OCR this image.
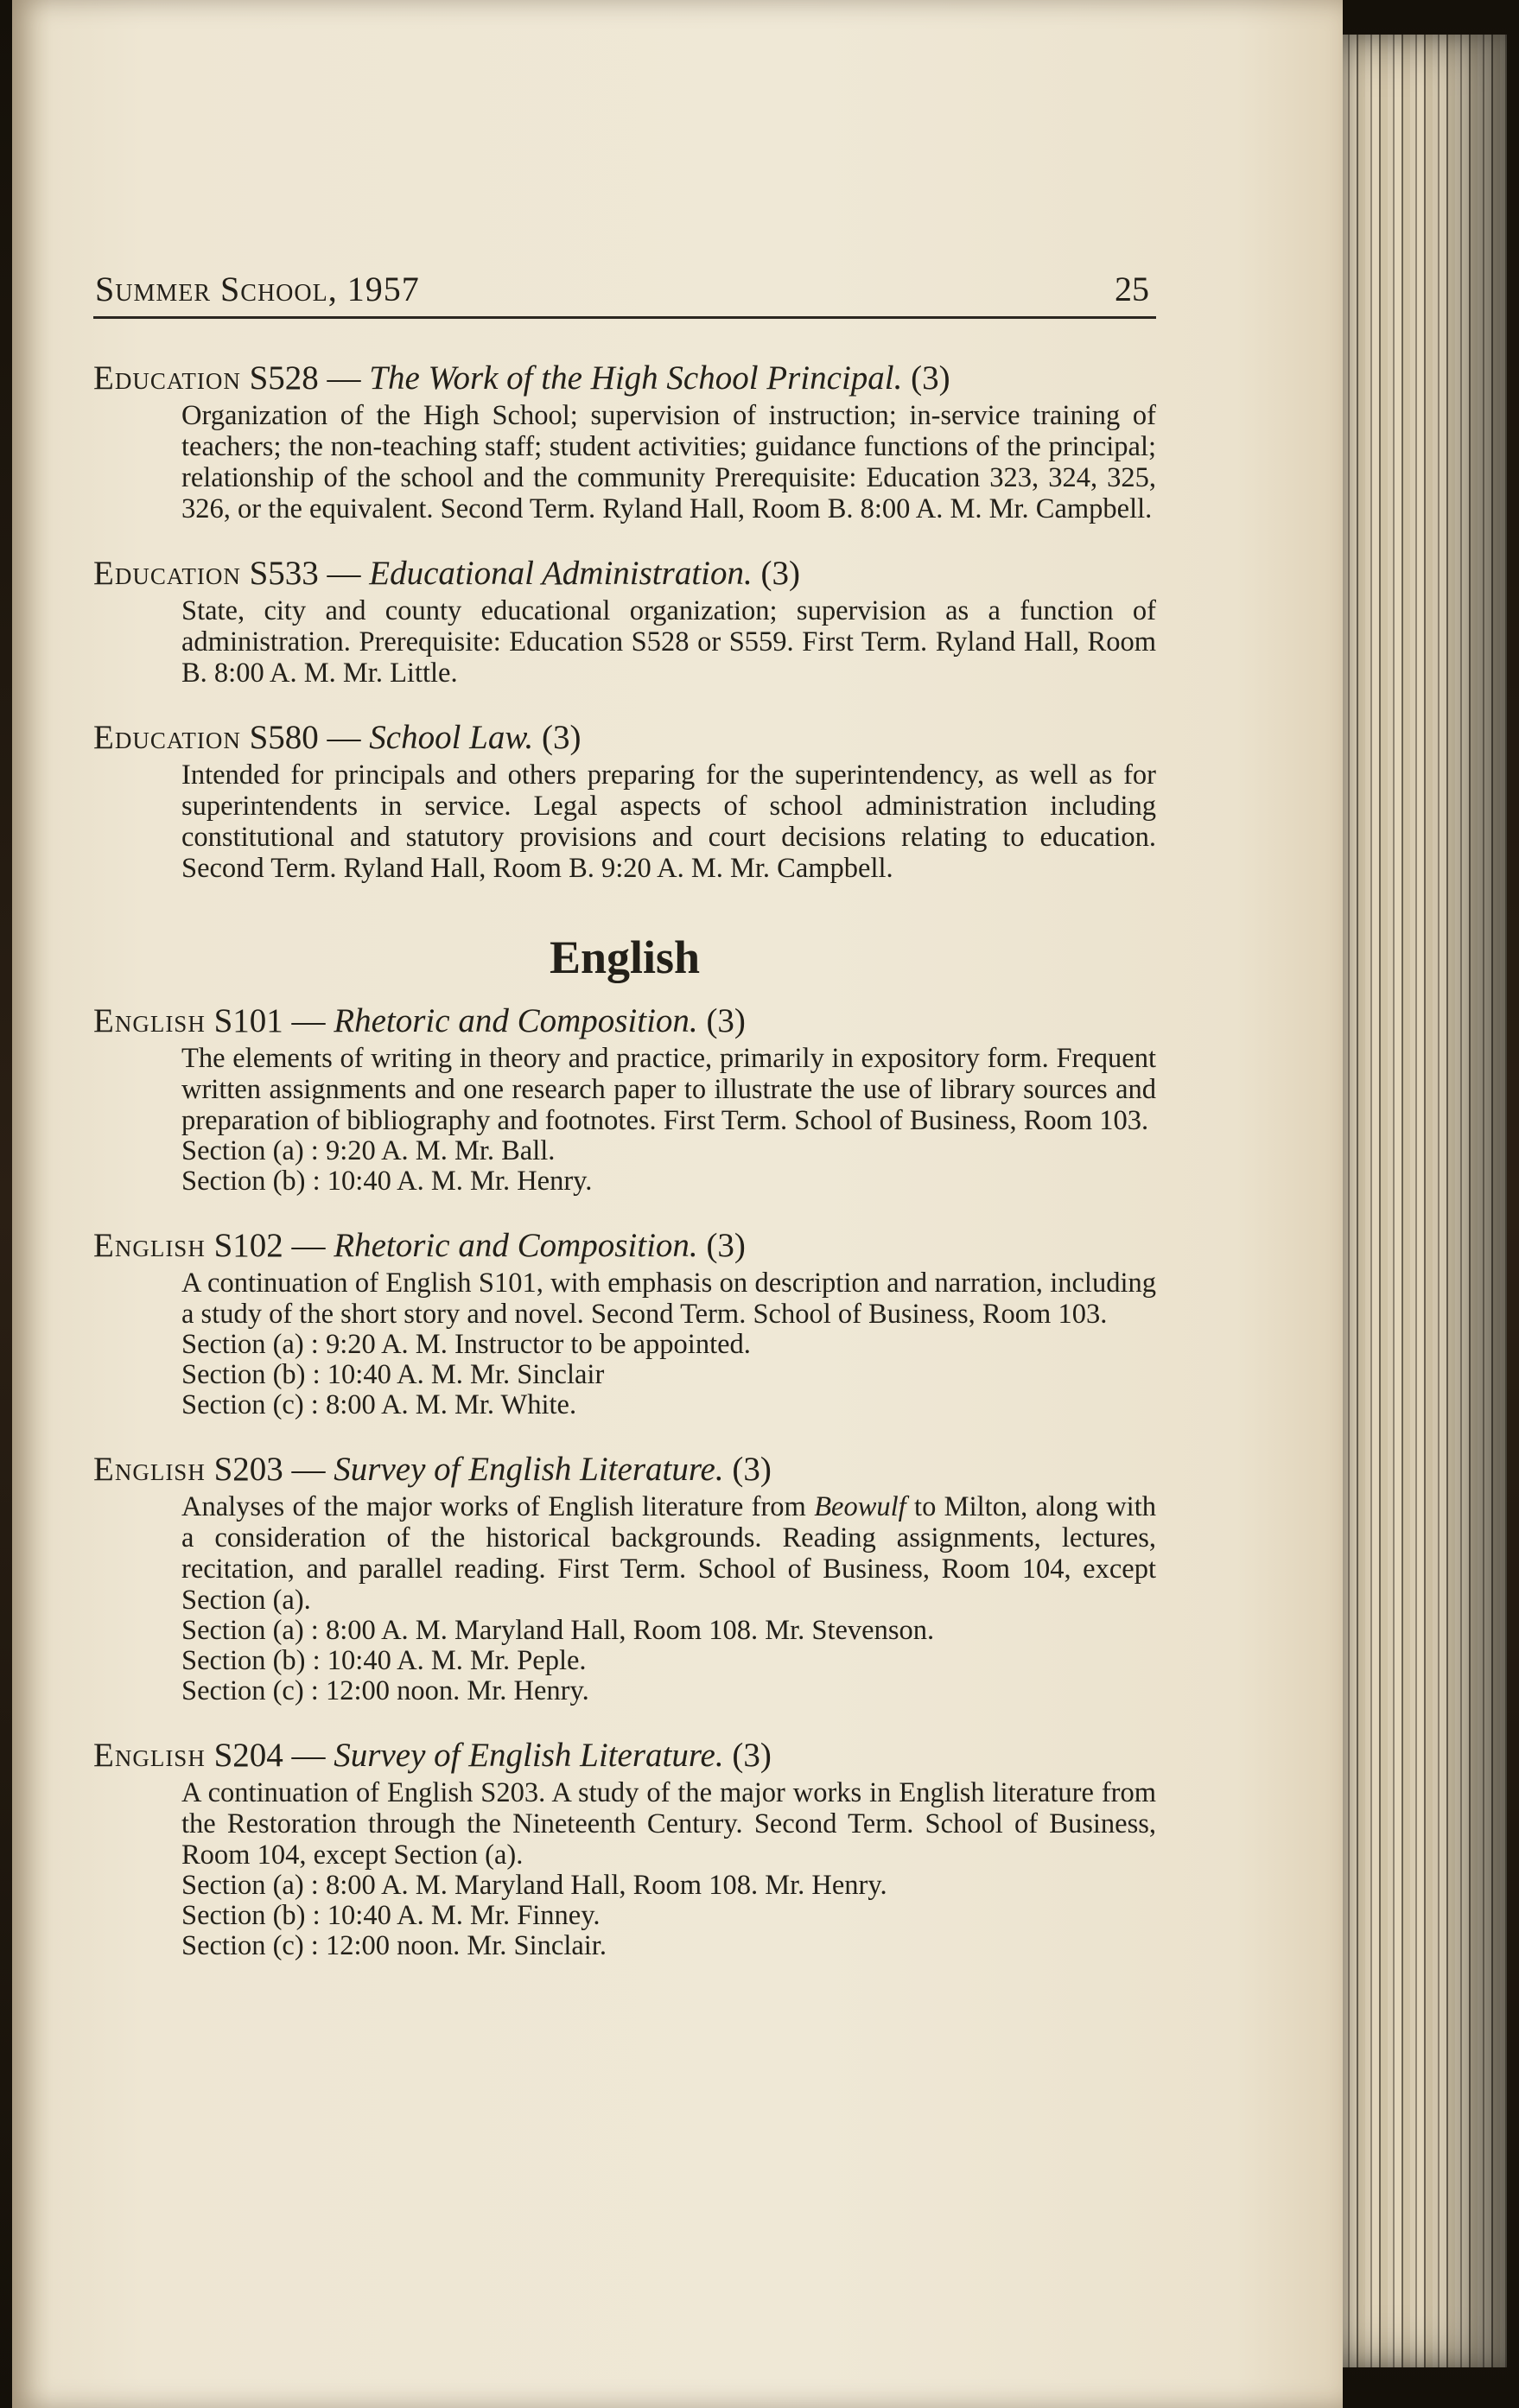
Summer School, 1957	25
Education S528 — The Work of the High School Principal. (3)
Organization of the High School; supervision of instruction; in-service training of teachers; the non-teaching staff; student activities; guidance functions of the principal; relationship of the school and the community Prerequisite: Education 323, 324, 325, 326, or the equivalent. Second Term. Ryland Hall, Room B. 8:00 A. M. Mr. Campbell.
Education S533 — Educational Administration. (3)
State, city and county educational organization; supervision as a function of administration. Prerequisite: Education S528 or S559. First Term. Ryland Hall, Room B. 8:00 A. M. Mr. Little.
Education S580 — School Law. (3)
Intended for principals and others preparing for the superintendency, as well as for superintendents in service. Legal aspects of school administration including constitutional and statutory provisions and court decisions relating to education. Second Term. Ryland Hall, Room B. 9:20 A. M. Mr. Campbell.
English
English S101 — Rhetoric and Composition. (3)
The elements of writing in theory and practice, primarily in expository form. Frequent written assignments and one research paper to illustrate the use of library sources and preparation of bibliography and footnotes. First Term. School of Business, Room 103.
Section (a) : 9:20 A. M. Mr. Ball.
Section (b) : 10:40 A. M. Mr. Henry.
English S102 — Rhetoric and Composition. (3)
A continuation of English S101, with emphasis on description and narration, including a study of the short story and novel. Second Term. School of Business, Room 103.
Section (a) : 9:20 A. M. Instructor to be appointed.
Section (b) : 10:40 A. M. Mr. Sinclair
Section (c) : 8:00 A. M. Mr. White.
English S203 — Survey of English Literature. (3)
Analyses of the major works of English literature from Beowulf to Milton, along with a consideration of the historical backgrounds. Reading assignments, lectures, recitation, and parallel reading. First Term. School of Business, Room 104, except Section (a).
Section (a) : 8:00 A. M. Maryland Hall, Room 108. Mr. Stevenson.
Section (b) : 10:40 A. M. Mr. Peple.
Section (c) : 12:00 noon. Mr. Henry.
English S204 — Survey of English Literature. (3)
A continuation of English S203. A study of the major works in English literature from the Restoration through the Nineteenth Century. Second Term. School of Business, Room 104, except Section (a).
Section (a) : 8:00 A. M. Maryland Hall, Room 108. Mr. Henry.
Section (b) : 10:40 A. M. Mr. Finney.
Section (c) : 12:00 noon. Mr. Sinclair.
